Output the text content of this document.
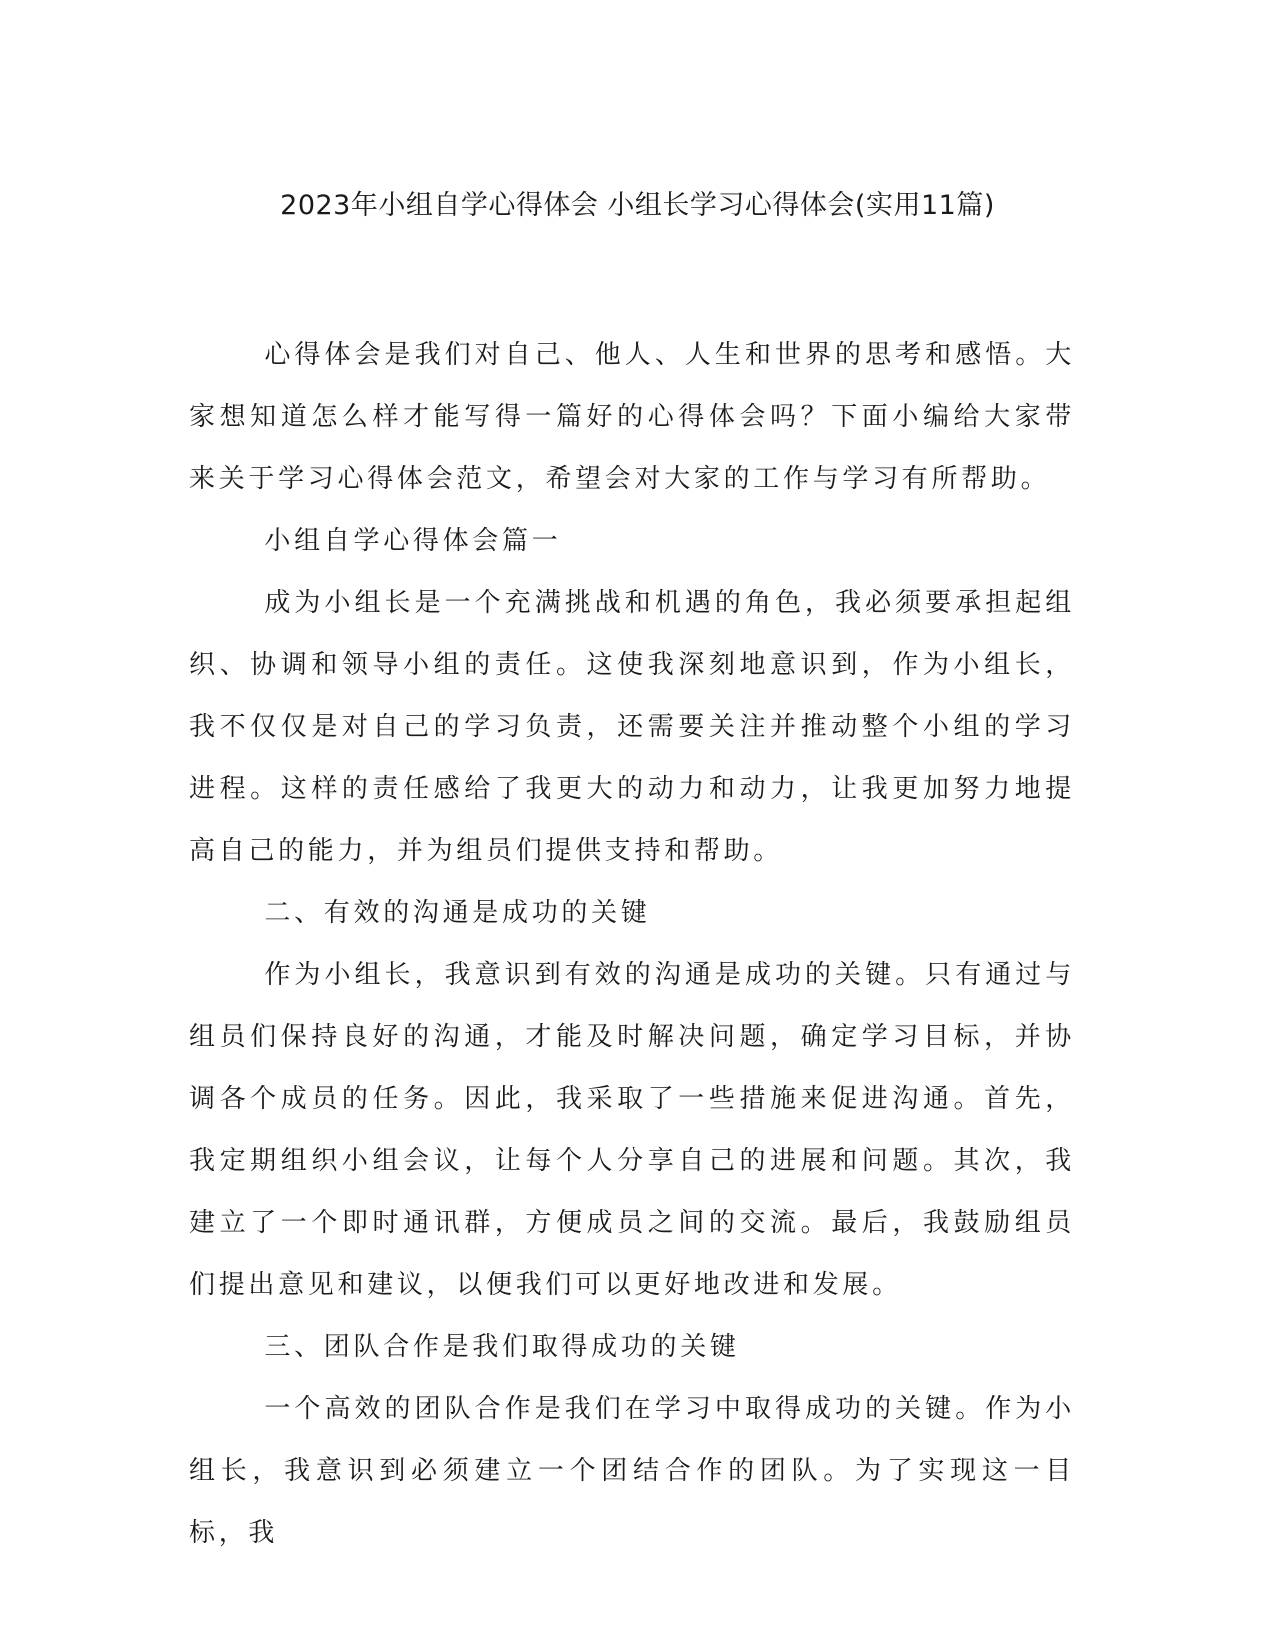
2023年小组自学心得体会 小组长学习心得体会(实用11篇)

心得体会是我们对自己、他人、人生和世界的思考和感悟。大家想知道怎么样才能写得一篇好的心得体会吗？下面小编给大家带来关于学习心得体会范文，希望会对大家的工作与学习有所帮助。

小组自学心得体会篇一

成为小组长是一个充满挑战和机遇的角色，我必须要承担起组织、协调和领导小组的责任。这使我深刻地意识到，作为小组长，我不仅仅是对自己的学习负责，还需要关注并推动整个小组的学习进程。这样的责任感给了我更大的动力和动力，让我更加努力地提高自己的能力，并为组员们提供支持和帮助。

二、有效的沟通是成功的关键

作为小组长，我意识到有效的沟通是成功的关键。只有通过与组员们保持良好的沟通，才能及时解决问题，确定学习目标，并协调各个成员的任务。因此，我采取了一些措施来促进沟通。首先，我定期组织小组会议，让每个人分享自己的进展和问题。其次，我建立了一个即时通讯群，方便成员之间的交流。最后，我鼓励组员们提出意见和建议，以便我们可以更好地改进和发展。

三、团队合作是我们取得成功的关键

一个高效的团队合作是我们在学习中取得成功的关键。作为小组长，我意识到必须建立一个团结合作的团队。为了实现这一目标，我
